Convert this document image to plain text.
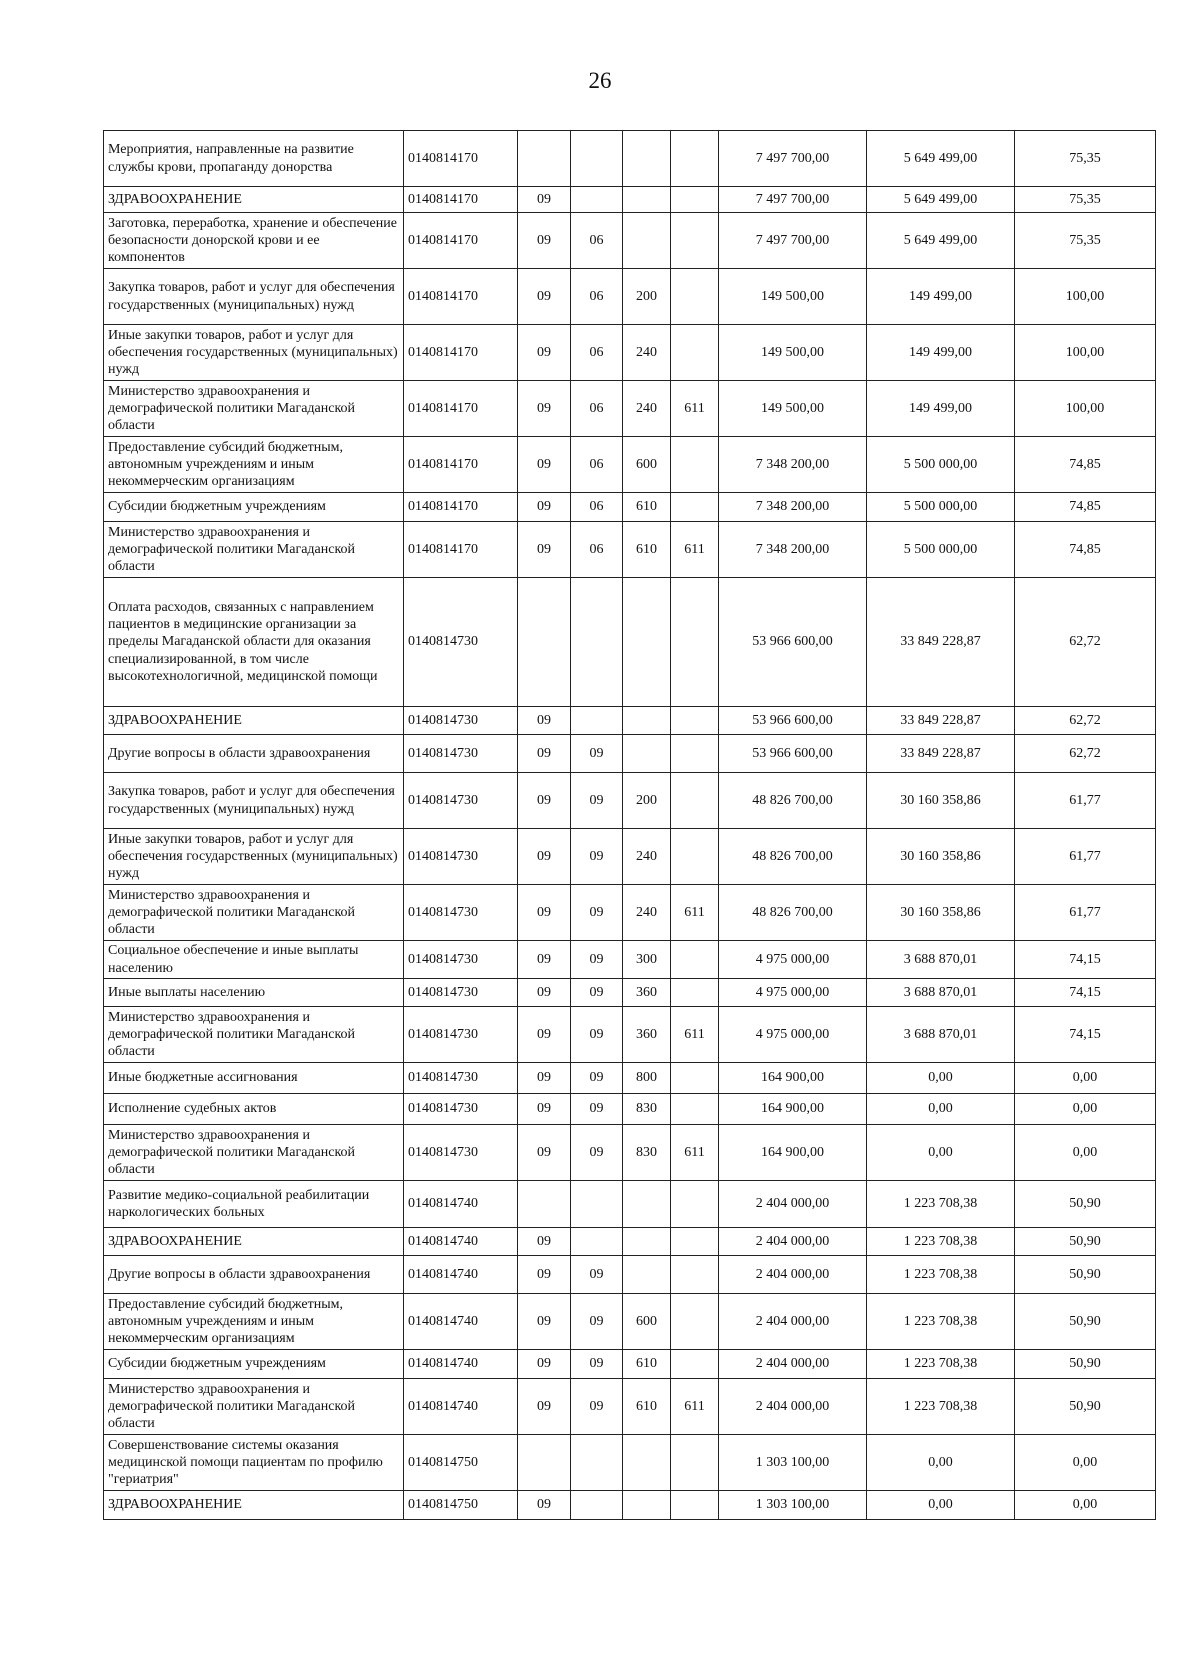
26
Мероприятия, направленные на развитие службы крови, пропаганду донорства	0140814170					7 497 700,00	5 649 499,00	75,35
ЗДРАВООХРАНЕНИЕ	0140814170	09				7 497 700,00	5 649 499,00	75,35
Заготовка, переработка, хранение и обеспечение безопасности донорской крови и ее компонентов	0140814170	09	06			7 497 700,00	5 649 499,00	75,35
Закупка товаров, работ и услуг для обеспечения государственных (муниципальных) нужд	0140814170	09	06	200		149 500,00	149 499,00	100,00
Иные закупки товаров, работ и услуг для обеспечения государственных (муниципальных) нужд	0140814170	09	06	240		149 500,00	149 499,00	100,00
Министерство здравоохранения и демографической политики Магаданской области	0140814170	09	06	240	611	149 500,00	149 499,00	100,00
Предоставление субсидий бюджетным, автономным учреждениям и иным некоммерческим организациям	0140814170	09	06	600		7 348 200,00	5 500 000,00	74,85
Субсидии бюджетным учреждениям	0140814170	09	06	610		7 348 200,00	5 500 000,00	74,85
Министерство здравоохранения и демографической политики Магаданской области	0140814170	09	06	610	611	7 348 200,00	5 500 000,00	74,85
Оплата расходов, связанных с направлением пациентов в медицинские организации за пределы Магаданской области для оказания специализированной, в том числе высокотехнологичной, медицинской помощи	0140814730					53 966 600,00	33 849 228,87	62,72
ЗДРАВООХРАНЕНИЕ	0140814730	09				53 966 600,00	33 849 228,87	62,72
Другие вопросы в области здравоохранения	0140814730	09	09			53 966 600,00	33 849 228,87	62,72
Закупка товаров, работ и услуг для обеспечения государственных (муниципальных) нужд	0140814730	09	09	200		48 826 700,00	30 160 358,86	61,77
Иные закупки товаров, работ и услуг для обеспечения государственных (муниципальных) нужд	0140814730	09	09	240		48 826 700,00	30 160 358,86	61,77
Министерство здравоохранения и демографической политики Магаданской области	0140814730	09	09	240	611	48 826 700,00	30 160 358,86	61,77
Социальное обеспечение и иные выплаты населению	0140814730	09	09	300		4 975 000,00	3 688 870,01	74,15
Иные выплаты населению	0140814730	09	09	360		4 975 000,00	3 688 870,01	74,15
Министерство здравоохранения и демографической политики Магаданской области	0140814730	09	09	360	611	4 975 000,00	3 688 870,01	74,15
Иные бюджетные ассигнования	0140814730	09	09	800		164 900,00	0,00	0,00
Исполнение судебных актов	0140814730	09	09	830		164 900,00	0,00	0,00
Министерство здравоохранения и демографической политики Магаданской области	0140814730	09	09	830	611	164 900,00	0,00	0,00
Развитие медико-социальной реабилитации наркологических больных	0140814740					2 404 000,00	1 223 708,38	50,90
ЗДРАВООХРАНЕНИЕ	0140814740	09				2 404 000,00	1 223 708,38	50,90
Другие вопросы в области здравоохранения	0140814740	09	09			2 404 000,00	1 223 708,38	50,90
Предоставление субсидий бюджетным, автономным учреждениям и иным некоммерческим организациям	0140814740	09	09	600		2 404 000,00	1 223 708,38	50,90
Субсидии бюджетным учреждениям	0140814740	09	09	610		2 404 000,00	1 223 708,38	50,90
Министерство здравоохранения и демографической политики Магаданской области	0140814740	09	09	610	611	2 404 000,00	1 223 708,38	50,90
Совершенствование системы оказания медицинской помощи пациентам по профилю "гериатрия"	0140814750					1 303 100,00	0,00	0,00
ЗДРАВООХРАНЕНИЕ	0140814750	09				1 303 100,00	0,00	0,00
